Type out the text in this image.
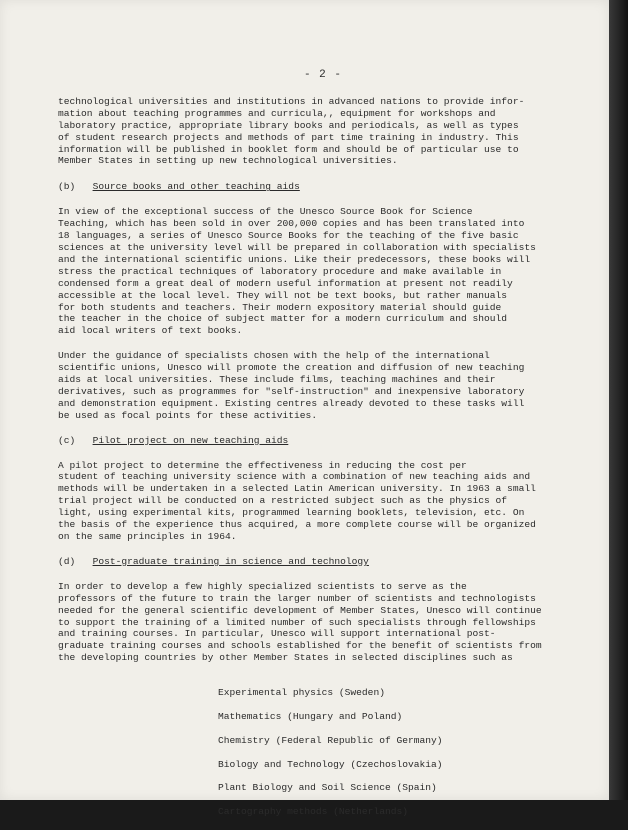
- 2 -

technological universities and institutions in advanced nations to provide infor-
mation about teaching programmes and curricula,, equipment for workshops and
laboratory practice, appropriate library books and periodicals, as well as types
of student research projects and methods of part time training in industry. This
information will be published in booklet form and should be of particular use to
Member States in setting up new technological universities.

(b) Source books and other teaching aids

In view of the exceptional success of the Unesco Source Book for Science
Teaching, which has been sold in over 200,000 copies and has been translated into
18 languages, a series of Unesco Source Books for the teaching of the five basic
sciences at the university level will be prepared in collaboration with specialists
and the international scientific unions. Like their predecessors, these books will
stress the practical techniques of laboratory procedure and make available in
condensed form a great deal of modern useful information at present not readily
accessible at the local level. They will not be text books, but rather manuals
for both students and teachers. Their modern expository material should guide
the teacher in the choice of subject matter for a modern curriculum and should
aid local writers of text books.

Under the guidance of specialists chosen with the help of the international
scientific unions, Unesco will promote the creation and diffusion of new teaching
aids at local universities. These include films, teaching machines and their
derivatives, such as programmes for "self-instruction" and inexpensive laboratory
and demonstration equipment. Existing centres already devoted to these tasks will
be used as focal points for these activities.

(c) Pilot project on new teaching aids

A pilot project to determine the effectiveness in reducing the cost per
student of teaching university science with a combination of new teaching aids and
methods will be undertaken in a selected Latin American university. In 1963 a small
trial project will be conducted on a restricted subject such as the physics of
light, using experimental kits, programmed learning booklets, television, etc. On
the basis of the experience thus acquired, a more complete course will be organized
on the same principles in 1964.

(d) Post-graduate training in science and technology

In order to develop a few highly specialized scientists to serve as the
professors of the future to train the larger number of scientists and technologists
needed for the general scientific development of Member States, Unesco will continue
to support the training of a limited number of such specialists through fellowships
and training courses. In particular, Unesco will support international post-
graduate training courses and schools established for the benefit of scientists from
the developing countries by other Member States in selected disciplines such as

Experimental physics (Sweden)

Mathematics (Hungary and Poland)

Chemistry (Federal Republic of Germany)

Biology and Technology (Czechoslovakia)

Plant Biology and Soil Science (Spain)

Cartography methods (Netherlands)
